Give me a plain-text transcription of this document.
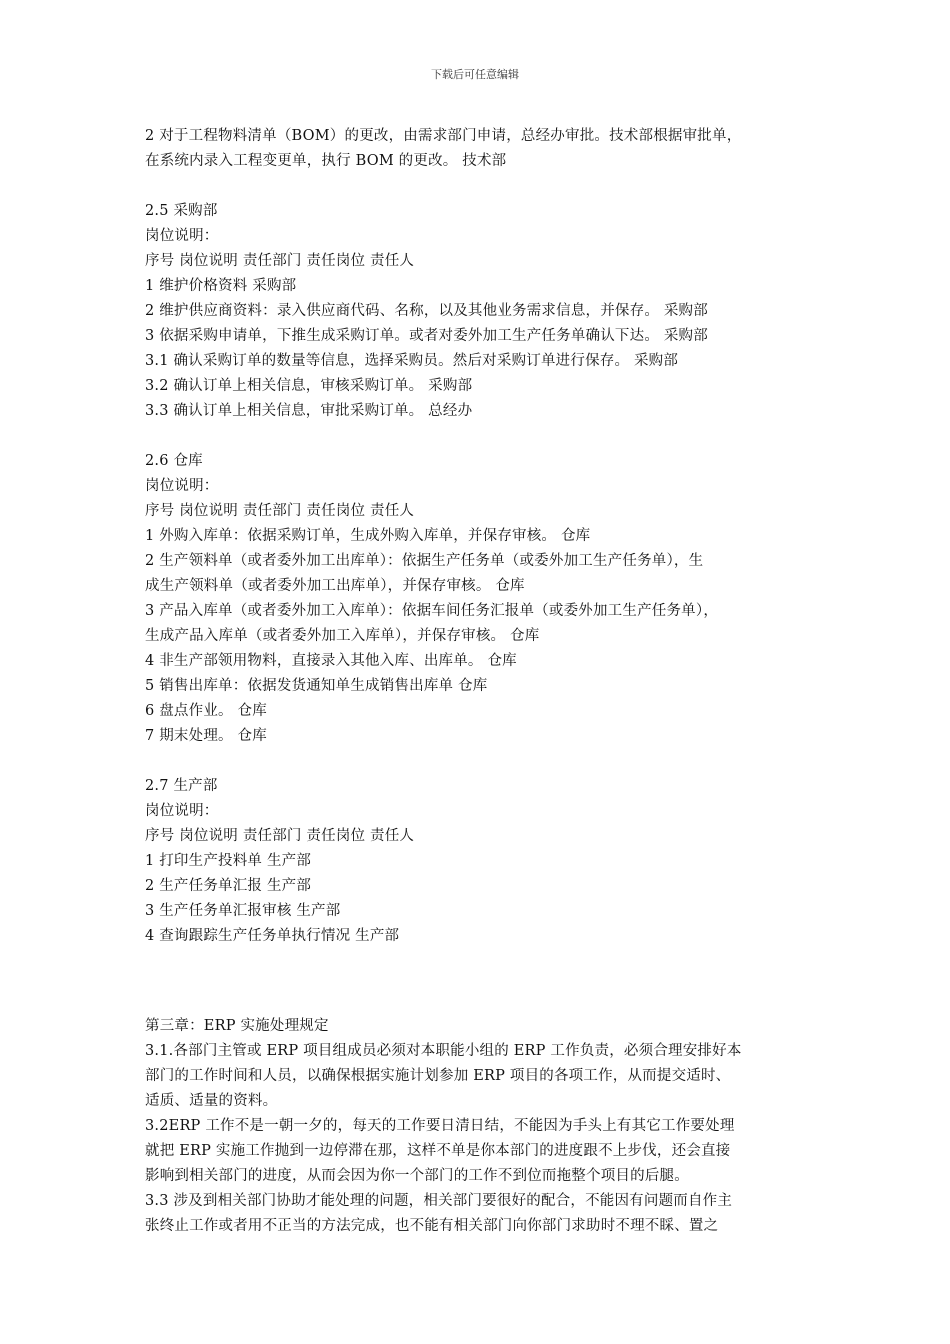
下载后可任意编辑
2 对于工程物料清单（BOM）的更改，由需求部门申请，总经办审批。技术部根据审批单，
在系统内录入工程变更单，执行 BOM 的更改。 技术部
2.5 采购部
岗位说明：
序号 岗位说明 责任部门 责任岗位 责任人
1 维护价格资料 采购部
2 维护供应商资料：录入供应商代码、名称，以及其他业务需求信息，并保存。 采购部
3 依据采购申请单，下推生成采购订单。或者对委外加工生产任务单确认下达。 采购部
3.1 确认采购订单的数量等信息，选择采购员。然后对采购订单进行保存。 采购部
3.2 确认订单上相关信息，审核采购订单。 采购部
3.3 确认订单上相关信息，审批采购订单。 总经办
2.6 仓库
岗位说明：
序号 岗位说明 责任部门 责任岗位 责任人
1 外购入库单：依据采购订单，生成外购入库单，并保存审核。 仓库
2 生产领料单（或者委外加工出库单）：依据生产任务单（或委外加工生产任务单），生
成生产领料单（或者委外加工出库单），并保存审核。 仓库
3 产品入库单（或者委外加工入库单）：依据车间任务汇报单（或委外加工生产任务单），
生成产品入库单（或者委外加工入库单），并保存审核。 仓库
4 非生产部领用物料，直接录入其他入库、出库单。 仓库
5 销售出库单：依据发货通知单生成销售出库单 仓库
6 盘点作业。 仓库
7 期末处理。 仓库
2.7 生产部
岗位说明：
序号 岗位说明 责任部门 责任岗位 责任人
1 打印生产投料单 生产部
2 生产任务单汇报 生产部
3 生产任务单汇报审核 生产部
4 查询跟踪生产任务单执行情况 生产部
第三章：ERP 实施处理规定
3.1.各部门主管或 ERP 项目组成员必须对本职能小组的 ERP 工作负责，必须合理安排好本
部门的工作时间和人员，以确保根据实施计划参加 ERP 项目的各项工作，从而提交适时、
适质、适量的资料。
3.2ERP 工作不是一朝一夕的，每天的工作要日清日结，不能因为手头上有其它工作要处理
就把 ERP 实施工作抛到一边停滞在那，这样不单是你本部门的进度跟不上步伐，还会直接
影响到相关部门的进度，从而会因为你一个部门的工作不到位而拖整个项目的后腿。
3.3 涉及到相关部门协助才能处理的问题，相关部门要很好的配合，不能因有问题而自作主
张终止工作或者用不正当的方法完成，也不能有相关部门向你部门求助时不理不睬、置之
